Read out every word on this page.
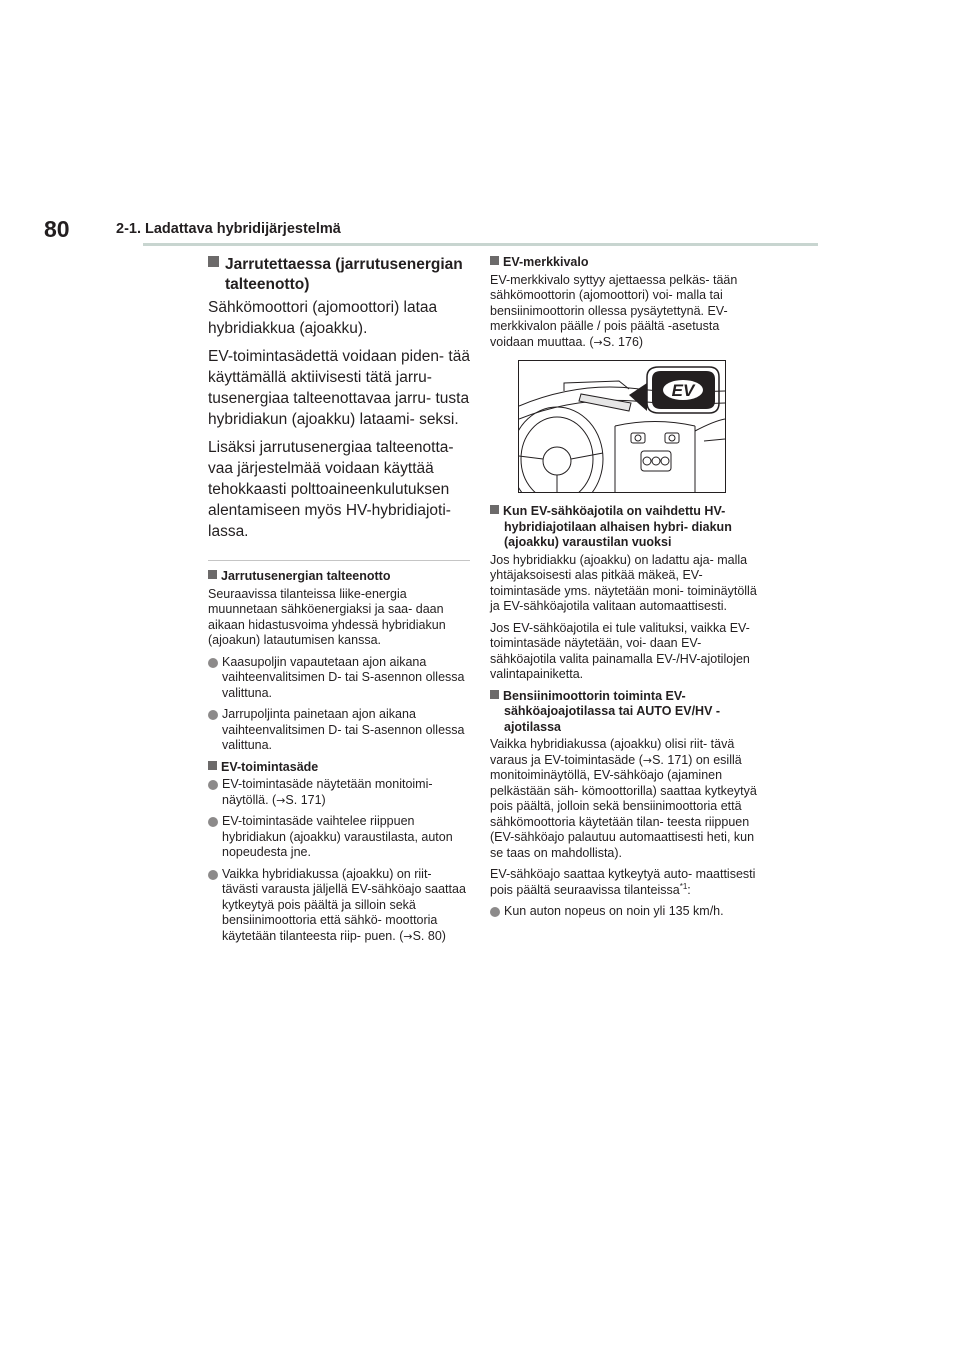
80	2-1. Ladattava hybridijärjestelmä
Jarrutettaessa (jarrutusenergian talteenotto)

Sähkömoottori (ajomoottori) lataa hybridiakkua (ajoakku).

EV-toimintasädettä voidaan piden- tää käyttämällä aktiivisesti tätä jarru- tusenergiaa talteenottavaa jarru- tusta hybridiakun (ajoakku) lataami- seksi.

Lisäksi jarrutusenergiaa talteenotta- vaa järjestelmää voidaan käyttää tehokkaasti polttoaineenkulutuksen alentamiseen myös HV-hybridiajoti- lassa.

Jarrutusenergian talteenotto

Seuraavissa tilanteissa liike-energia muunnetaan sähköenergiaksi ja saa- daan aikaan hidastusvoima yhdessä hybridiakun (ajoakun) latautumisen kanssa.

Kaasupoljin vapautetaan ajon aikana vaihteenvalitsimen D- tai S-asennon ollessa valittuna.
Jarrupoljinta painetaan ajon aikana vaihteenvalitsimen D- tai S-asennon ollessa valittuna.
EV-toimintasäde
EV-toimintasäde näytetään monitoimi- näytöllä. (→S. 171)
EV-toimintasäde vaihtelee riippuen hybridiakun (ajoakku) varaustilasta, auton nopeudesta jne.
Vaikka hybridiakussa (ajoakku) on riit- tävästi varausta jäljellä EV-sähköajo saattaa kytkeytyä pois päältä ja silloin sekä bensiinimoottoria että sähkö- moottoria käytetään tilanteesta riip- puen. (→S. 80)
EV-merkkivalo

EV-merkkivalo syttyy ajettaessa pelkäs- tään sähkömoottorin (ajomoottori) voi- malla tai bensiinimoottorin ollessa pysäytettynä. EV-merkkivalon päälle / pois päältä -asetusta voidaan muuttaa. (→S. 176)

EV
Kun EV-sähköajotila on vaihdettu HV-hybridiajotilaan alhaisen hybri- diakun (ajoakku) varaustilan vuoksi

Jos hybridiakku (ajoakku) on ladattu aja- malla yhtäjaksoisesti alas pitkää mäkeä, EV-toimintasäde yms. näytetään moni- toiminäytöllä ja EV-sähköajotila valitaan automaattisesti.

Jos EV-sähköajotila ei tule valituksi, vaikka EV-toimintasäde näytetään, voi- daan EV-sähköajotila valita painamalla EV-/HV-ajotilojen valintapainiketta.

Bensiinimoottorin toiminta EV- sähköajoajotilassa tai AUTO EV/HV -ajotilassa

Vaikka hybridiakussa (ajoakku) olisi riit- tävä varaus ja EV-toimintasäde (→S. 171) on esillä monitoiminäytöllä, EV-sähköajo (ajaminen pelkästään säh- kömoottorilla) saattaa kytkeytyä pois päältä, jolloin sekä bensiinimoottoria että sähkömoottoria käytetään tilan- teesta riippuen (EV-sähköajo palautuu automaattisesti heti, kun se taas on mahdollista).

EV-sähköajo saattaa kytkeytyä auto- maattisesti pois päältä seuraavissa tilanteissa$^{*1}$:

Kun auton nopeus on noin yli 135 km/h.
